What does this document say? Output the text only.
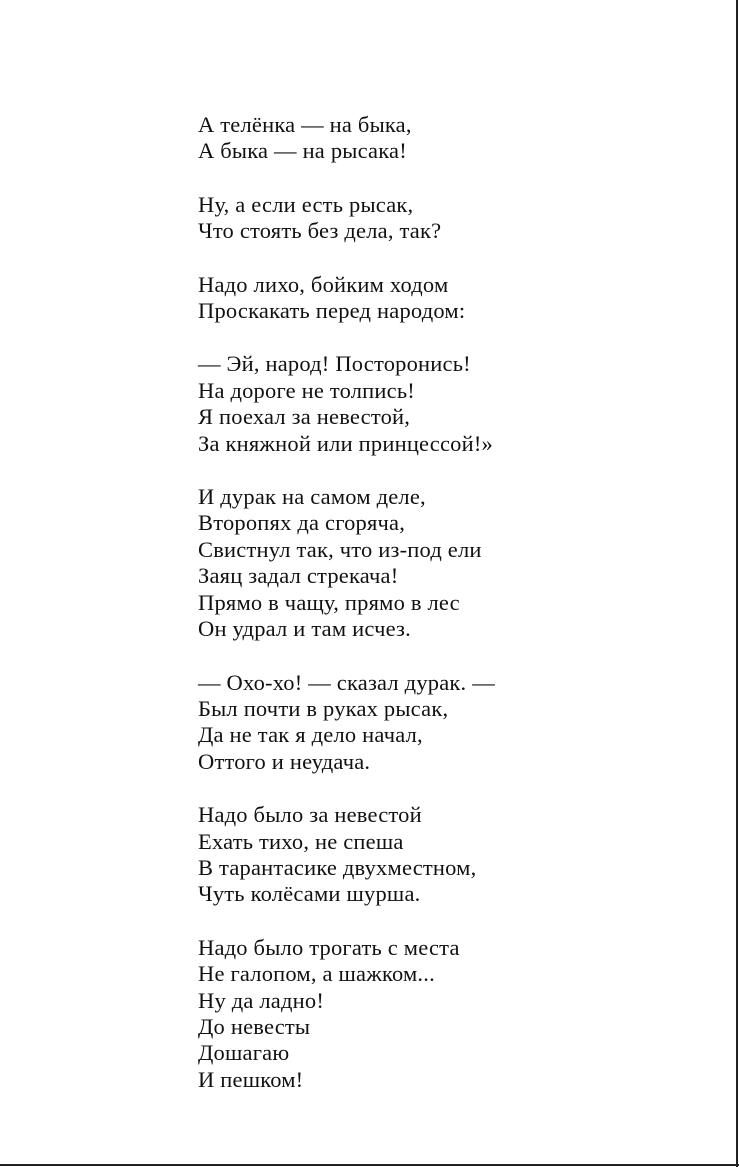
А телёнка — на быка,
А быка — на рысака!
Ну, а если есть рысак,
Что стоять без дела, так?
Надо лихо, бойким ходом
Проскакать перед народом:
— Эй, народ! Посторонись!
На дороге не толпись!
Я поехал за невестой,
За княжной или принцессой!»
И дурак на самом деле,
Второпях да сгоряча,
Свистнул так, что из-под ели
Заяц задал стрекача!
Прямо в чащу, прямо в лес
Он удрал и там исчез.
— Охо-хо! — сказал дурак. —
Был почти в руках рысак,
Да не так я дело начал,
Оттого и неудача.
Надо было за невестой
Ехать тихо, не спеша
В тарантасике двухместном,
Чуть колёсами шурша.
Надо было трогать с места
Не галопом, а шажком...
Ну да ладно!
До невесты
Дошагаю
И пешком!
